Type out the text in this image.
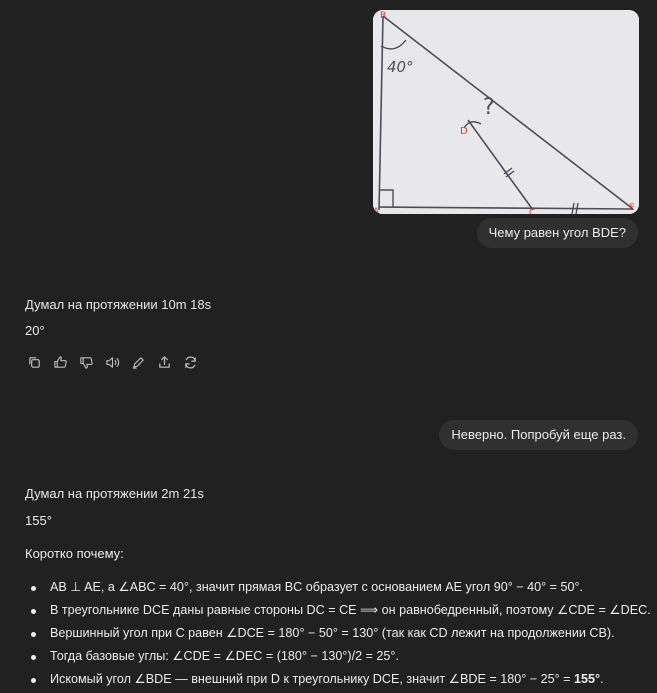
B
A
D
C	E
40°
?
Чему равен угол BDE?
Думал на протяжении 10m 18s
20°
Неверно. Попробуй еще раз.
Думал на протяжении 2m 21s
155°
Коротко почему:
AB ⊥ AE, а ∠ABC = 40°, значит прямая BC образует с основанием AE угол 90° − 40° = 50°.
В треугольнике DCE даны равные стороны DC = CE ⟹ он равнобедренный, поэтому ∠CDE = ∠DEC.
Вершинный угол при C равен ∠DCE = 180° − 50° = 130° (так как CD лежит на продолжении CB).
Тогда базовые углы: ∠CDE = ∠DEC = (180° − 130°)/2 = 25°.
Искомый угол ∠BDE — внешний при D к треугольнику DCE, значит ∠BDE = 180° − 25° = 155°.
